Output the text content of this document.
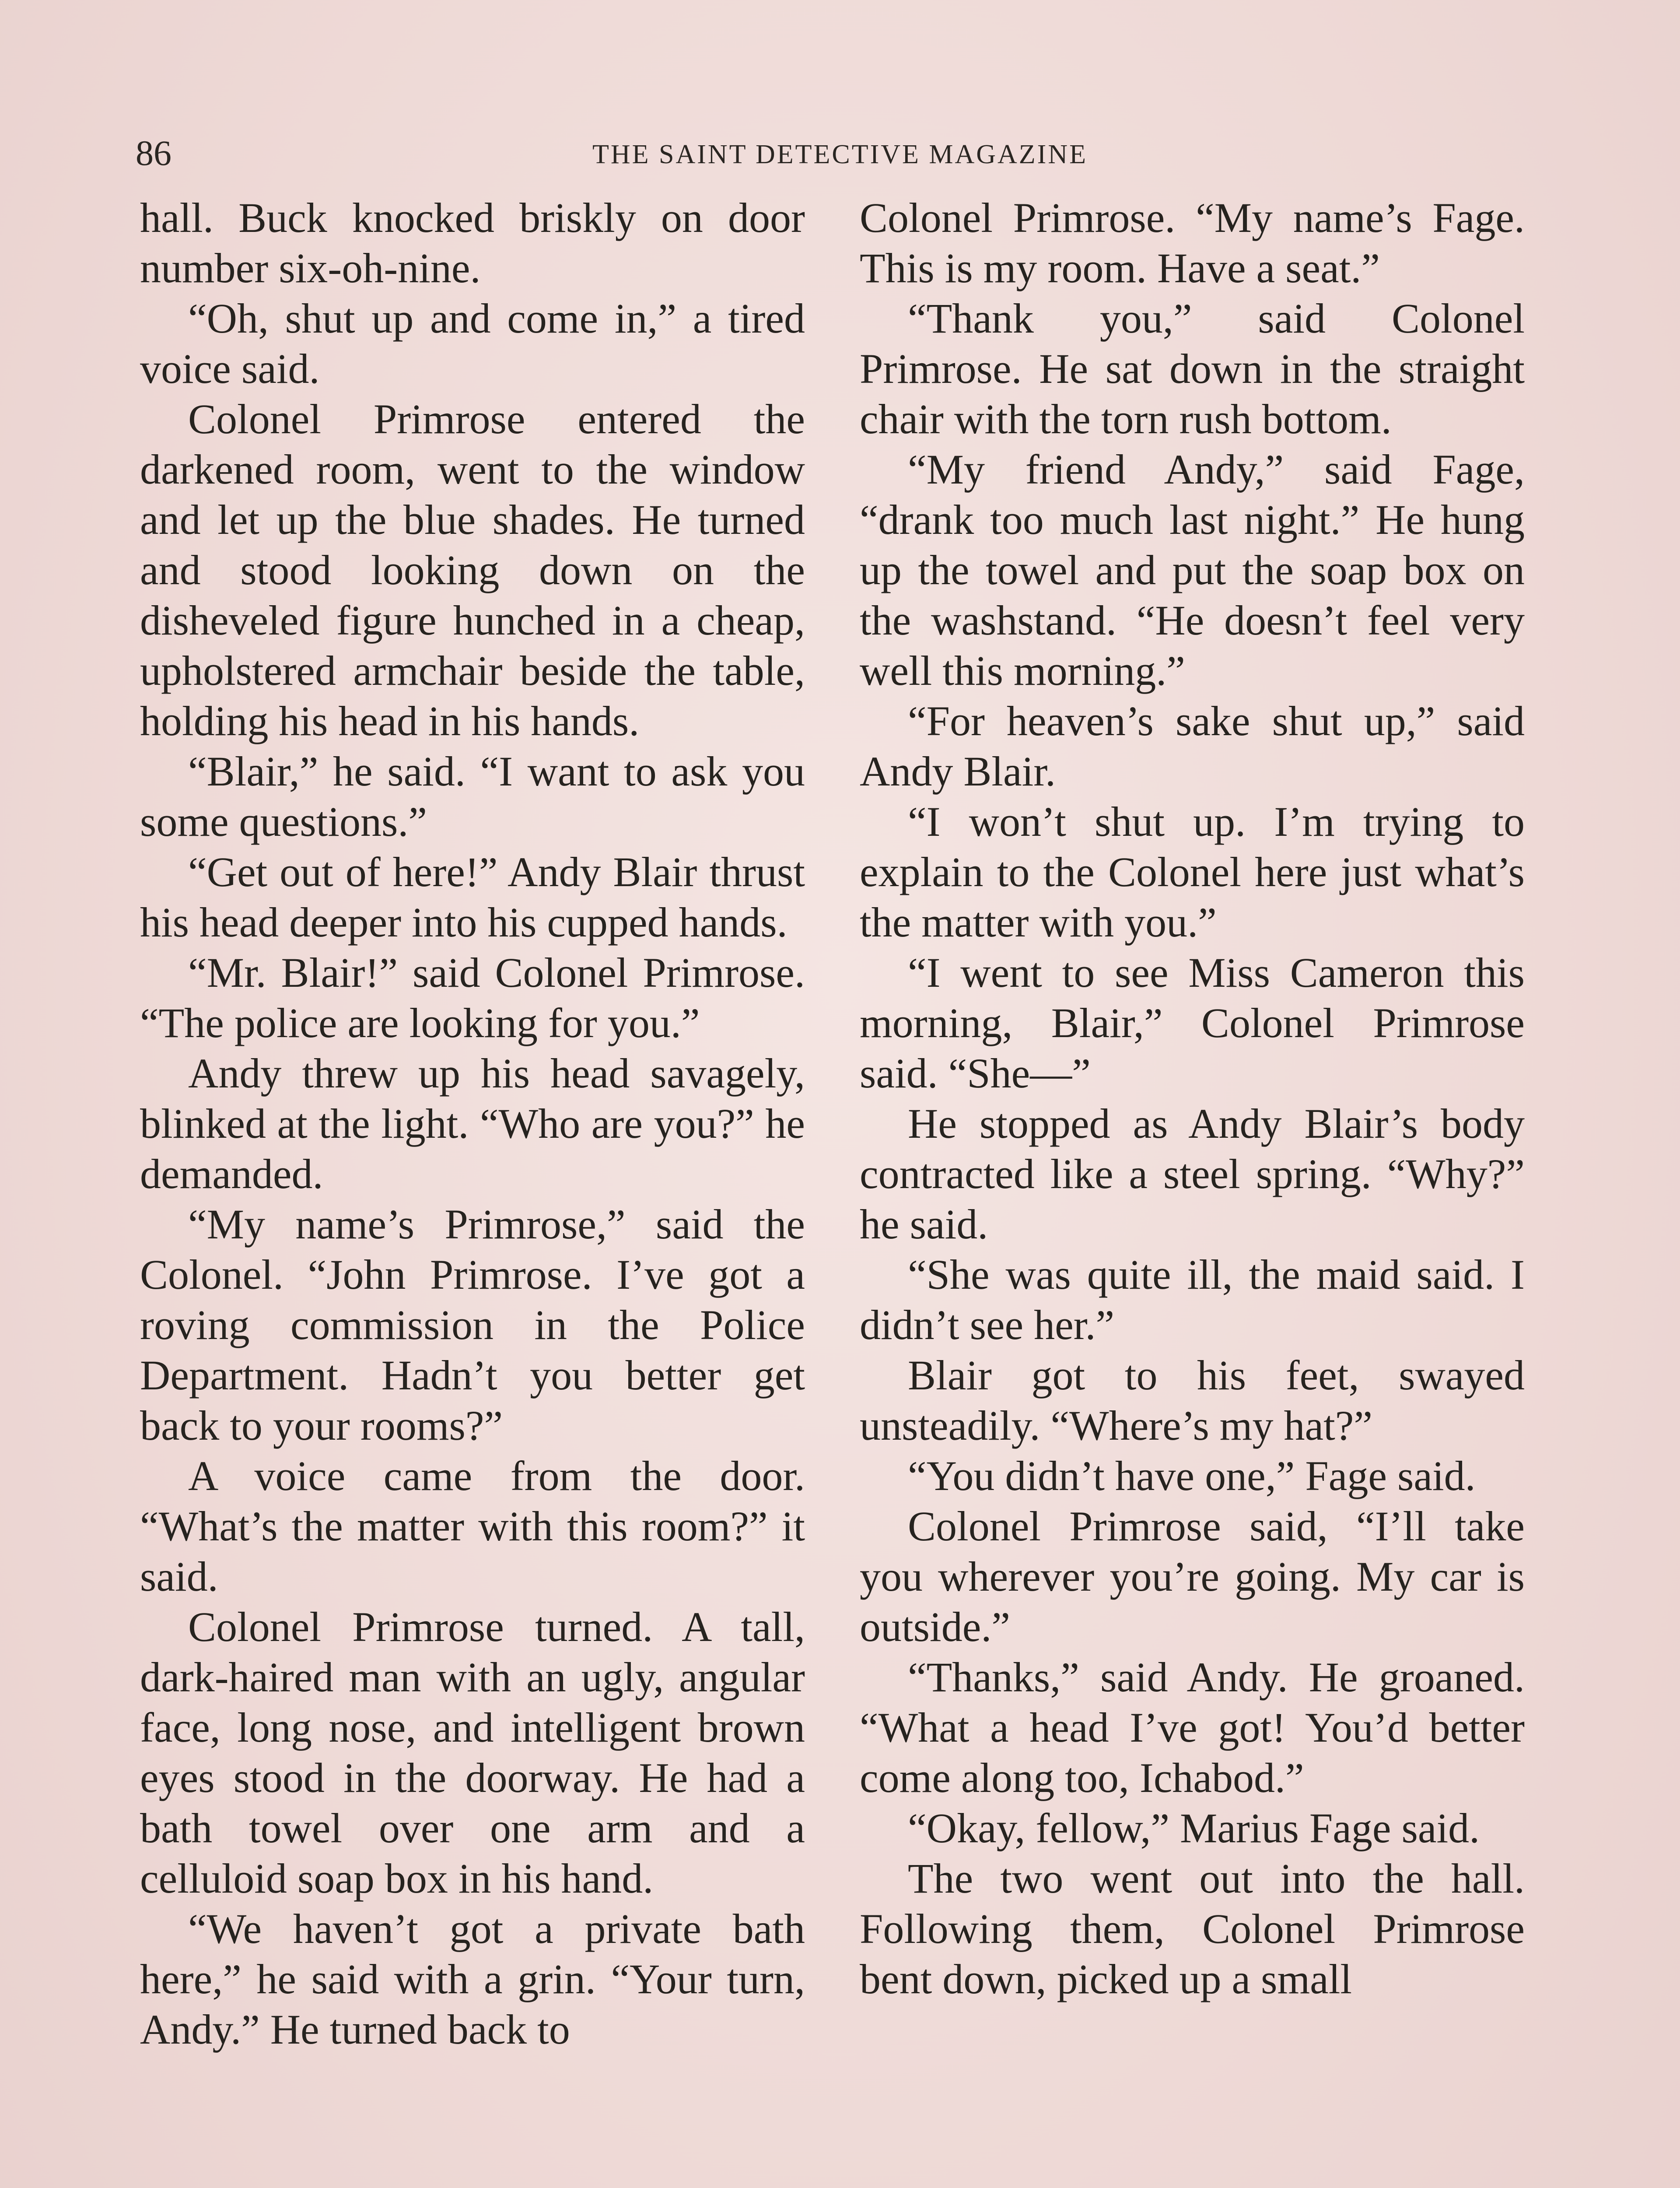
86	THE SAINT DETECTIVE MAGAZINE

hall. Buck knocked briskly on door number six-oh-nine.

“Oh, shut up and come in,” a tired voice said.

Colonel Primrose entered the darkened room, went to the window and let up the blue shades. He turned and stood looking down on the disheveled figure hunched in a cheap, upholstered armchair beside the table, holding his head in his hands.

“Blair,” he said. “I want to ask you some questions.”

“Get out of here!” Andy Blair thrust his head deeper into his cupped hands.

“Mr. Blair!” said Colonel Primrose. “The police are looking for you.”

Andy threw up his head savagely, blinked at the light. “Who are you?” he demanded.

“My name’s Primrose,” said the Colonel. “John Primrose. I’ve got a roving commission in the Police Department. Hadn’t you better get back to your rooms?”

A voice came from the door. “What’s the matter with this room?” it said.

Colonel Primrose turned. A tall, dark-haired man with an ugly, angular face, long nose, and intelligent brown eyes stood in the doorway. He had a bath towel over one arm and a celluloid soap box in his hand.

“We haven’t got a private bath here,” he said with a grin. “Your turn, Andy.” He turned back to

Colonel Primrose. “My name’s Fage. This is my room. Have a seat.”

“Thank you,” said Colonel Primrose. He sat down in the straight chair with the torn rush bottom.

“My friend Andy,” said Fage, “drank too much last night.” He hung up the towel and put the soap box on the washstand. “He doesn’t feel very well this morning.”

“For heaven’s sake shut up,” said Andy Blair.

“I won’t shut up. I’m trying to explain to the Colonel here just what’s the matter with you.”

“I went to see Miss Cameron this morning, Blair,” Colonel Primrose said. “She—”

He stopped as Andy Blair’s body contracted like a steel spring. “Why?” he said.

“She was quite ill, the maid said. I didn’t see her.”

Blair got to his feet, swayed unsteadily. “Where’s my hat?”

“You didn’t have one,” Fage said.

Colonel Primrose said, “I’ll take you wherever you’re going. My car is outside.”

“Thanks,” said Andy. He groaned. “What a head I’ve got! You’d better come along too, Ichabod.”

“Okay, fellow,” Marius Fage said.

The two went out into the hall. Following them, Colonel Primrose bent down, picked up a small
